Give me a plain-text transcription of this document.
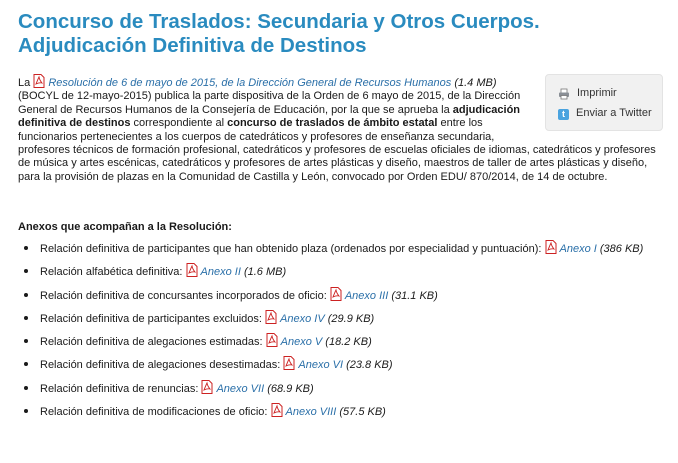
Concurso de Traslados: Secundaria y Otros Cuerpos. Adjudicación Definitiva de Destinos
Imprimir
t	Enviar a Twitter
La Resolución de 6 de mayo de 2015, de la Dirección General de Recursos Humanos (1.4 MB) (BOCYL de 12-mayo-2015) publica la parte dispositiva de la Orden de 6 mayo de 2015, de la Dirección General de Recursos Humanos de la Consejería de Educación, por la que se aprueba la adjudicación definitiva de destinos correspondiente al concurso de traslados de ámbito estatal entre los funcionarios pertenecientes a los cuerpos de catedráticos y profesores de enseñanza secundaria, profesores técnicos de formación profesional, catedráticos y profesores de escuelas oficiales de idiomas, catedráticos y profesores de música y artes escénicas, catedráticos y profesores de artes plásticas y diseño, maestros de taller de artes plásticas y diseño, para la provisión de plazas en la Comunidad de Castilla y León, convocado por Orden EDU/ 870/2014, de 14 de octubre.
Anexos que acompañan a la Resolución:
Relación definitiva de participantes que han obtenido plaza (ordenados por especialidad y puntuación): Anexo I (386 KB)
Relación alfabética definitiva: Anexo II (1.6 MB)
Relación definitiva de concursantes incorporados de oficio: Anexo III (31.1 KB)
Relación definitiva de participantes excluidos: Anexo IV (29.9 KB)
Relación definitiva de alegaciones estimadas: Anexo V (18.2 KB)
Relación definitiva de alegaciones desestimadas: Anexo VI (23.8 KB)
Relación definitiva de renuncias: Anexo VII (68.9 KB)
Relación definitiva de modificaciones de oficio: Anexo VIII (57.5 KB)
